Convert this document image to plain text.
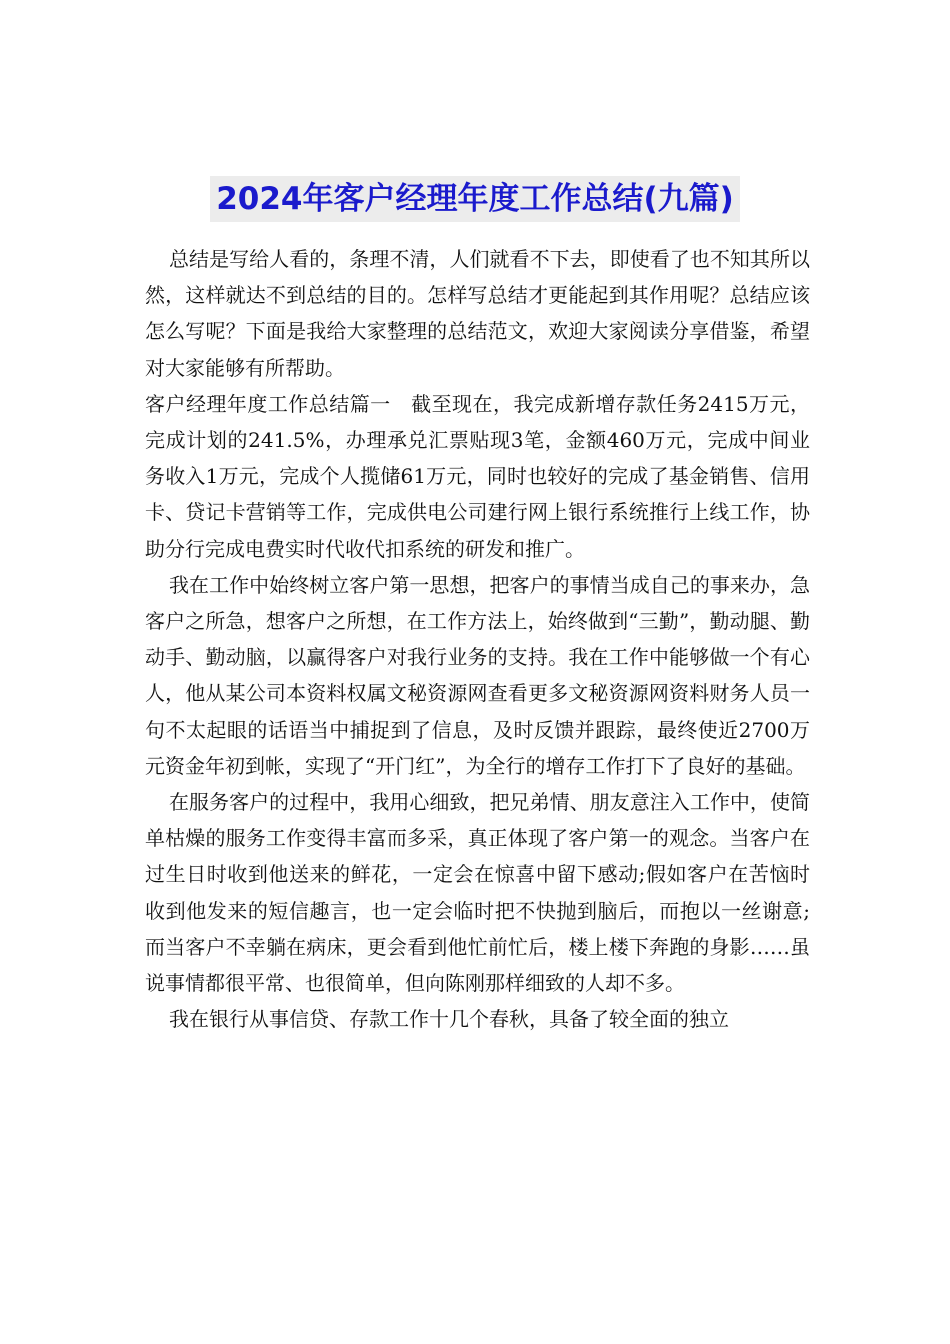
2024年客户经理年度工作总结(九篇)

总结是写给人看的，条理不清，人们就看不下去，即使看了也不知其所以然，这样就达不到总结的目的。怎样写总结才更能起到其作用呢？总结应该怎么写呢？下面是我给大家整理的总结范文，欢迎大家阅读分享借鉴，希望对大家能够有所帮助。

客户经理年度工作总结篇一　截至现在，我完成新增存款任务2415万元，完成计划的241.5%，办理承兑汇票贴现3笔，金额460万元，完成中间业务收入1万元，完成个人揽储61万元，同时也较好的完成了基金销售、信用卡、贷记卡营销等工作，完成供电公司建行网上银行系统推行上线工作，协助分行完成电费实时代收代扣系统的研发和推广。

我在工作中始终树立客户第一思想，把客户的事情当成自己的事来办，急客户之所急，想客户之所想，在工作方法上，始终做到“三勤”，勤动腿、勤动手、勤动脑，以赢得客户对我行业务的支持。我在工作中能够做一个有心人，他从某公司本资料权属文秘资源网查看更多文秘资源网资料财务人员一句不太起眼的话语当中捕捉到了信息，及时反馈并跟踪，最终使近2700万元资金年初到帐，实现了“开门红”，为全行的增存工作打下了良好的基础。

在服务客户的过程中，我用心细致，把兄弟情、朋友意注入工作中，使简单枯燥的服务工作变得丰富而多采，真正体现了客户第一的观念。当客户在过生日时收到他送来的鲜花，一定会在惊喜中留下感动;假如客户在苦恼时收到他发来的短信趣言，也一定会临时把不快抛到脑后，而抱以一丝谢意;而当客户不幸躺在病床，更会看到他忙前忙后，楼上楼下奔跑的身影……虽说事情都很平常、也很简单，但向陈刚那样细致的人却不多。

我在银行从事信贷、存款工作十几个春秋，具备了较全面的独立
